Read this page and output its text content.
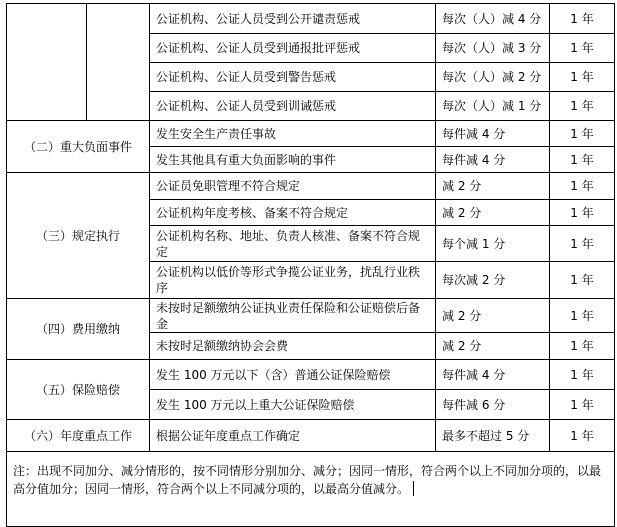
		公证机构、公证人员受到公开谴责惩戒	每次（人）减 4 分	1 年
		公证机构、公证人员受到通报批评惩戒	每次（人）减 3 分	1 年
		公证机构、公证人员受到警告惩戒	每次（人）减 2 分	1 年
		公证机构、公证人员受到训诫惩戒	每次（人）减 1 分	1 年
（二）重大负面事件		发生安全生产责任事故	每件减 4 分	1 年
		发生其他具有重大负面影响的事件	每件减 4 分	1 年
（三）规定执行		公证员免职管理不符合规定	减 2 分	1 年
		公证机构年度考核、备案不符合规定	减 2 分	1 年
		公证机构名称、地址、负责人核准、备案不符合规定	每个减 1 分	1 年
		公证机构以低价等形式争揽公证业务，扰乱行业秩序	每次减 2 分	1 年
（四）费用缴纳		未按时足额缴纳公证执业责任保险和公证赔偿后备金	减 2 分	1 年
		未按时足额缴纳协会会费	减 2 分	1 年
（五）保险赔偿		发生 100 万元以下（含）普通公证保险赔偿	每件减 4 分	1 年
		发生 100 万元以上重大公证保险赔偿	每件减 6 分	1 年
（六）年度重点工作		根据公证年度重点工作确定	最多不超过 5 分	1 年
注：出现不同加分、减分情形的，按不同情形分别加分、减分；因同一情形，符合两个以上不同加分项的，以最高分值加分；因同一情形，符合两个以上不同减分项的，以最高分值减分。				
